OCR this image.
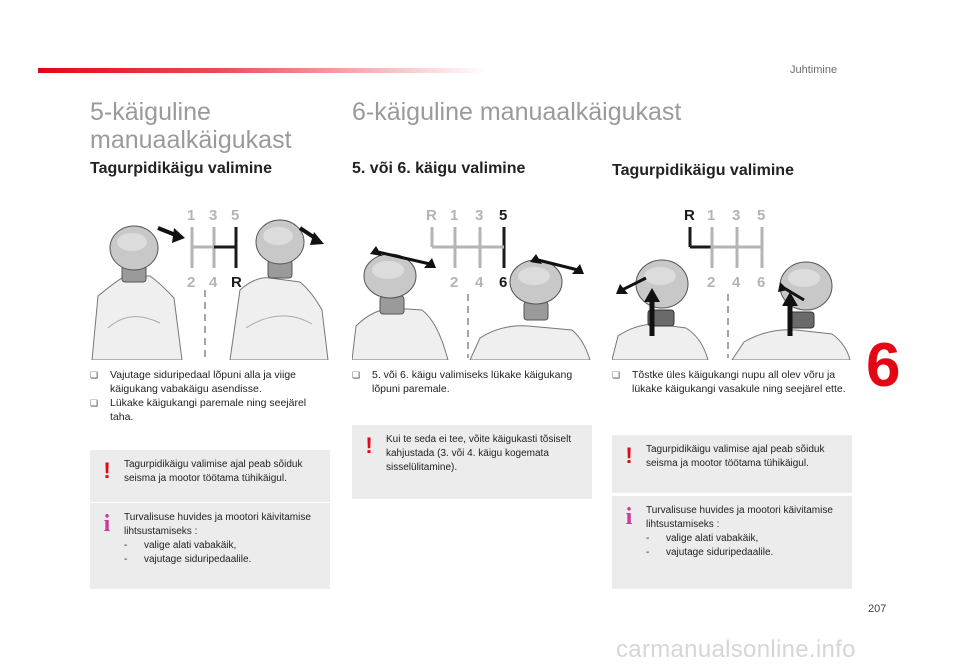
Juhtimine
5-käiguline
manuaalkäigukast
Tagurpidikäigu valimine
1 3 5
2 4 R
❏	Vajutage siduripedaal lõpuni alla ja viige käigukang vabakäigu asendisse.
❏	Lükake käigukangi paremale ning seejärel taha.
!	Tagurpidikäigu valimise ajal peab sõiduk seisma ja mootor töötama tühikäigul.
i	Turvalisuse huvides ja mootori käivitamise lihtsustamiseks :
-	valige alati vabakäik,
-	vajutage siduripedaalile.
6-käiguline manuaalkäigukast
5. või 6. käigu valimine
R 1 3 5
2 4 6
❏	5. või 6. käigu valimiseks lükake käigukang lõpuni paremale.
!	Kui te seda ei tee, võite käigukasti tõsiselt kahjustada (3. või 4. käigu kogemata sisselülitamine).
Tagurpidikäigu valimine
R 1 3 5
2 4 6
❏	Tõstke üles käigukangi nupu all olev võru ja lükake käigukangi vasakule ning seejärel ette.
!	Tagurpidikäigu valimise ajal peab sõiduk seisma ja mootor töötama tühikäigul.
i	Turvalisuse huvides ja mootori käivitamise lihtsustamiseks :
-	valige alati vabakäik,
-	vajutage siduripedaalile.
6
207
carmanualsonline.info
